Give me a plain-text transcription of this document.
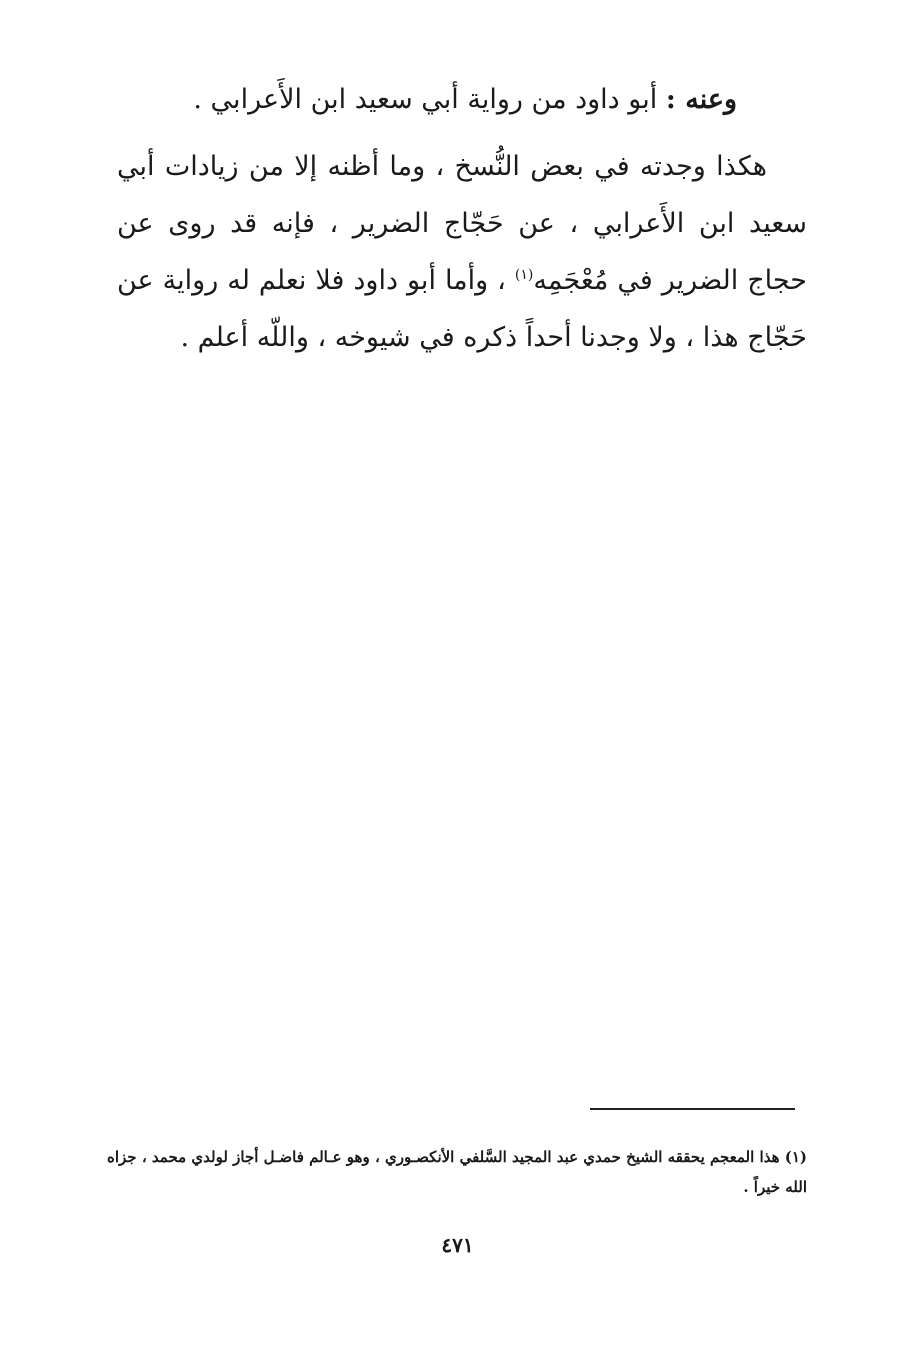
وعنه : أبو داود من رواية أبي سعيد ابن الأَعرابي .
هكذا وجدته في بعض النُّسخ ، وما أظنه إلا من زيادات أبي سعيد ابن الأَعرابي ، عن حَجّاج الضرير ، فإنه قد روى عن حجاج الضرير في مُعْجَمِه$^{(١)}$ ، وأما أبو داود فلا نعلم له رواية عن حَجّاج هذا ، ولا وجدنا أحداً ذكره في شيوخه ، واللّه أعلم .
(١) هذا المعجم يحققه الشيخ حمدي عبد المجيد السَّلفي الأنكصـوري ، وهو عـالم فاضـل أجاز لولدي محمد ، جزاه الله خيراً .
٤٧١
